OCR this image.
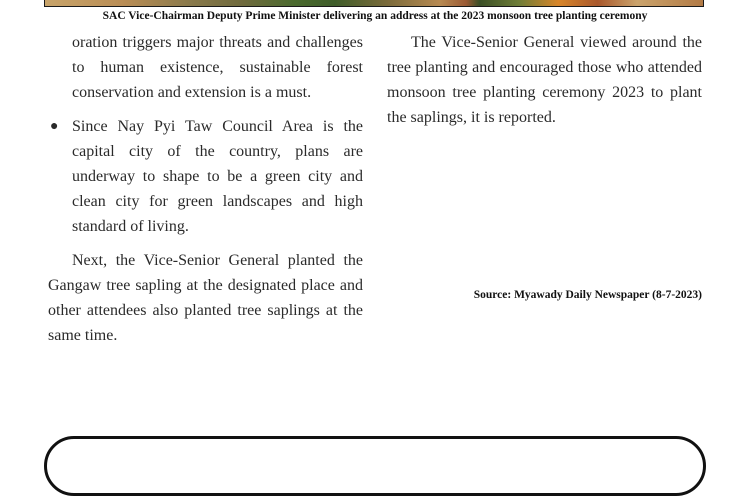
SAC Vice-Chairman Deputy Prime Minister delivering an address at the 2023 monsoon tree planting ceremony

oration triggers major threats and challenges to human existence, sustainable forest conservation and extension is a must.

● Since Nay Pyi Taw Council Area is the capital city of the country, plans are underway to shape to be a green city and clean city for green landscapes and high standard of living.

Next, the Vice-Senior General planted the Gangaw tree sapling at the designated place and other attendees also planted tree saplings at the same time.

The Vice-Senior General viewed around the tree planting and encouraged those who attended monsoon tree planting ceremony 2023 to plant the saplings, it is reported.

Source: Myawady Daily Newspaper (8-7-2023)
